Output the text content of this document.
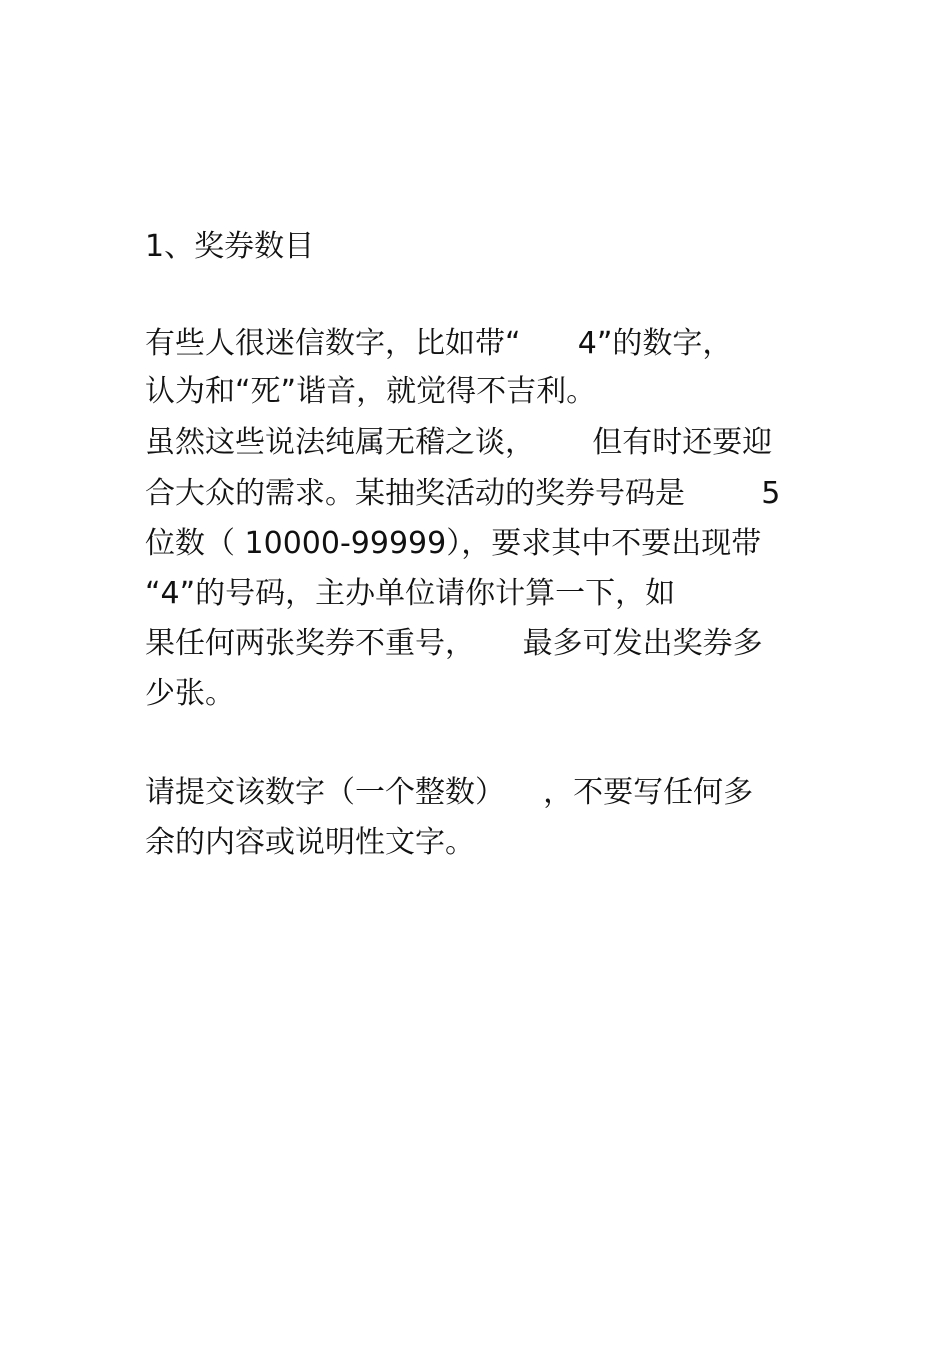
1、奖券数目
有些人很迷信数字，比如带“      4”的数字，
认为和“死”谐音，就觉得不吉利。
虽然这些说法纯属无稽之谈，      但有时还要迎
合大众的需求。某抽奖活动的奖券号码是        5
位数（ 10000-99999），要求其中不要出现带
“4”的号码，主办单位请你计算一下，如
果任何两张奖券不重号，     最多可发出奖券多
少张。
请提交该数字（一个整数）    ，不要写任何多
余的内容或说明性文字。
